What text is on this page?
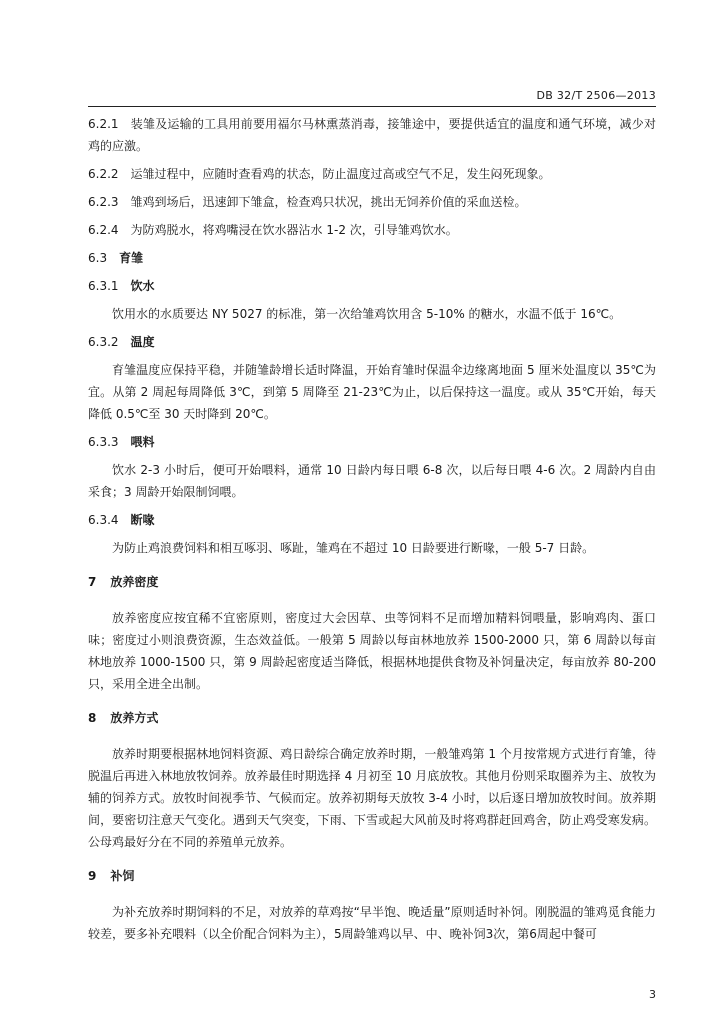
DB 32/T 2506—2013

6.2.1 装雏及运输的工具用前要用福尔马林熏蒸消毒，接雏途中，要提供适宜的温度和通气环境，减少对鸡的应激。

6.2.2 运雏过程中，应随时查看鸡的状态，防止温度过高或空气不足，发生闷死现象。

6.2.3 雏鸡到场后，迅速卸下雏盒，检查鸡只状况，挑出无饲养价值的采血送检。

6.2.4 为防鸡脱水，将鸡嘴浸在饮水器沾水 1-2 次，引导雏鸡饮水。

6.3 育雏
6.3.1 饮水

饮用水的水质要达 NY 5027 的标准，第一次给雏鸡饮用含 5-10% 的糖水，水温不低于 16℃。

6.3.2 温度

育雏温度应保持平稳，并随雏龄增长适时降温，开始育雏时保温伞边缘离地面 5 厘米处温度以 35℃为宜。从第 2 周起每周降低 3℃，到第 5 周降至 21-23℃为止，以后保持这一温度。或从 35℃开始，每天降低 0.5℃至 30 天时降到 20℃。

6.3.3 喂料

饮水 2-3 小时后，便可开始喂料，通常 10 日龄内每日喂 6-8 次，以后每日喂 4-6 次。2 周龄内自由采食；3 周龄开始限制饲喂。

6.3.4 断喙

为防止鸡浪费饲料和相互啄羽、啄趾，雏鸡在不超过 10 日龄要进行断喙，一般 5-7 日龄。

7 放养密度

放养密度应按宜稀不宜密原则，密度过大会因草、虫等饲料不足而增加精料饲喂量，影响鸡肉、蛋口味；密度过小则浪费资源，生态效益低。一般第 5 周龄以每亩林地放养 1500-2000 只，第 6 周龄以每亩林地放养 1000-1500 只，第 9 周龄起密度适当降低，根据林地提供食物及补饲量决定，每亩放养 80-200 只，采用全进全出制。

8 放养方式

放养时期要根据林地饲料资源、鸡日龄综合确定放养时期，一般雏鸡第 1 个月按常规方式进行育雏，待脱温后再进入林地放牧饲养。放养最佳时期选择 4 月初至 10 月底放牧。其他月份则采取圈养为主、放牧为辅的饲养方式。放牧时间视季节、气候而定。放养初期每天放牧 3-4 小时，以后逐日增加放牧时间。放养期间，要密切注意天气变化。遇到天气突变，下雨、下雪或起大风前及时将鸡群赶回鸡舍，防止鸡受寒发病。公母鸡最好分在不同的养殖单元放养。

9 补饲

为补充放养时期饲料的不足，对放养的草鸡按“早半饱、晚适量”原则适时补饲。刚脱温的雏鸡觅食能力较差，要多补充喂料（以全价配合饲料为主），5周龄雏鸡以早、中、晚补饲3次，第6周起中餐可

3
